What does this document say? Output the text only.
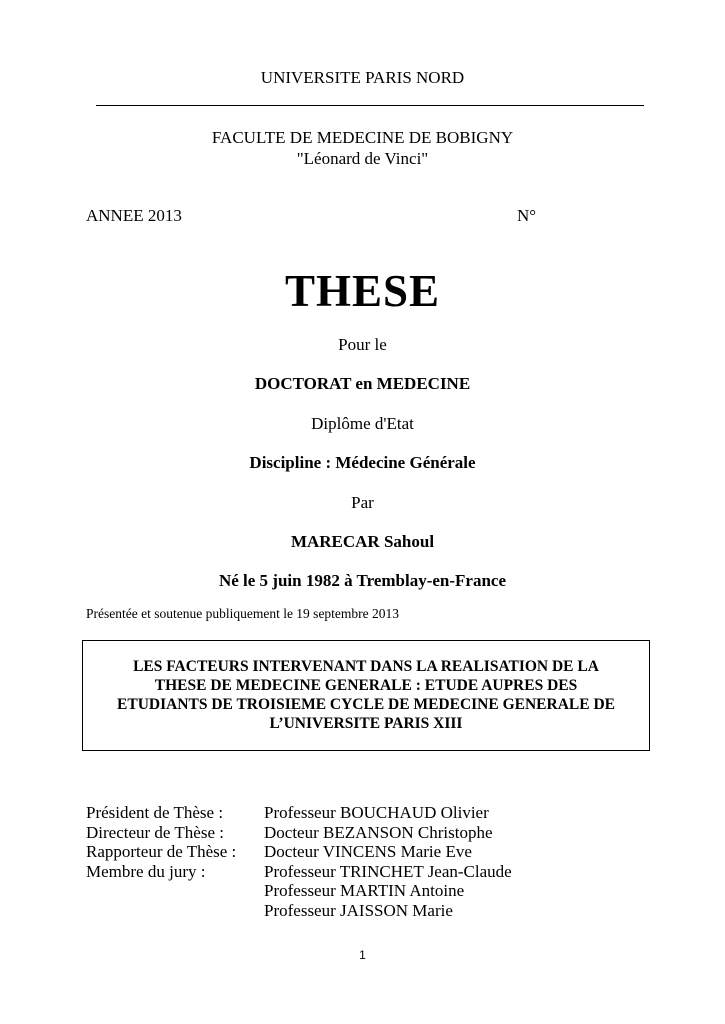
UNIVERSITE PARIS NORD
FACULTE DE MEDECINE DE BOBIGNY
"Léonard de Vinci"
ANNEE 2013	N°
THESE
Pour le
DOCTORAT en MEDECINE
Diplôme d'Etat
Discipline : Médecine Générale
Par
MARECAR Sahoul
Né le 5 juin 1982 à Tremblay-en-France
Présentée et soutenue publiquement le 19 septembre 2013
LES FACTEURS INTERVENANT DANS LA REALISATION DE LA
THESE DE MEDECINE GENERALE : ETUDE AUPRES DES
ETUDIANTS DE TROISIEME CYCLE DE MEDECINE GENERALE DE
L’UNIVERSITE PARIS XIII
Président de Thèse :	Professeur BOUCHAUD Olivier
Directeur de Thèse :	Docteur BEZANSON Christophe
Rapporteur de Thèse :	Docteur VINCENS Marie Eve
Membre du jury :	Professeur TRINCHET Jean-Claude
Professeur MARTIN Antoine
Professeur JAISSON Marie
1
